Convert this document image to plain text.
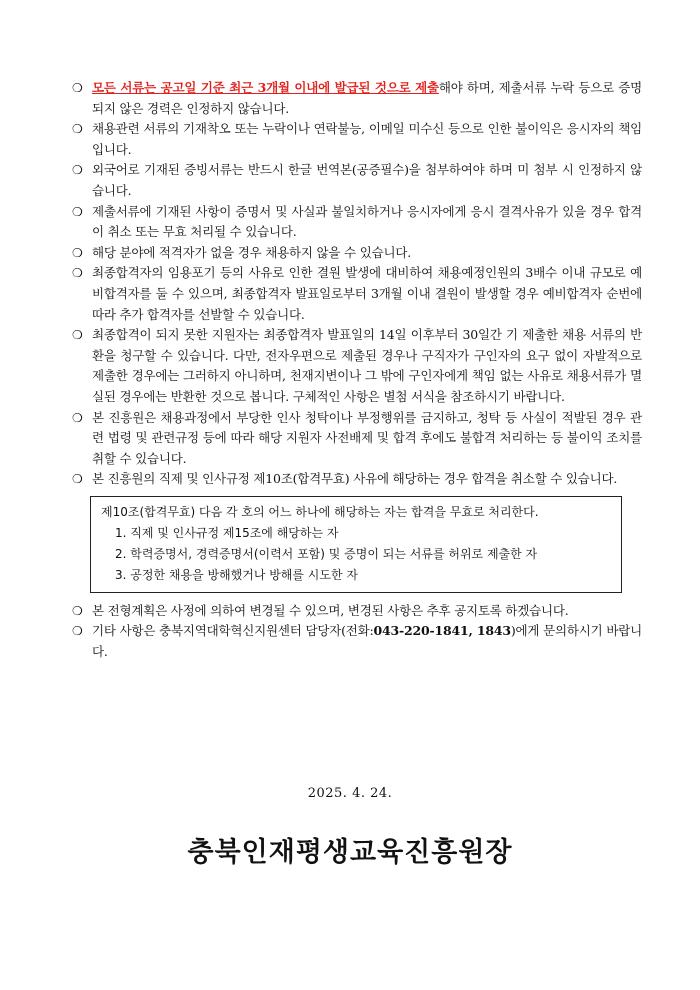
❍ 모든 서류는 공고일 기준 최근 3개월 이내에 발급된 것으로 제출해야 하며, 제출서류 누락 등으로 증명되지 않은 경력은 인정하지 않습니다.
❍ 채용관련 서류의 기재착오 또는 누락이나 연락불능, 이메일 미수신 등으로 인한 불이익은 응시자의 책임입니다.
❍ 외국어로 기재된 증빙서류는 반드시 한글 번역본(공증필수)을 첨부하여야 하며 미 첨부 시 인정하지 않습니다.
❍ 제출서류에 기재된 사항이 증명서 및 사실과 불일치하거나 응시자에게 응시 결격사유가 있을 경우 합격이 취소 또는 무효 처리될 수 있습니다.
❍ 해당 분야에 적격자가 없을 경우 채용하지 않을 수 있습니다.
❍ 최종합격자의 임용포기 등의 사유로 인한 결원 발생에 대비하여 채용예정인원의 3배수 이내 규모로 예비합격자를 둘 수 있으며, 최종합격자 발표일로부터 3개월 이내 결원이 발생할 경우 예비합격자 순번에 따라 추가 합격자를 선발할 수 있습니다.
❍ 최종합격이 되지 못한 지원자는 최종합격자 발표일의 14일 이후부터 30일간 기 제출한 채용 서류의 반환을 청구할 수 있습니다. 다만, 전자우편으로 제출된 경우나 구직자가 구인자의 요구 없이 자발적으로 제출한 경우에는 그러하지 아니하며, 천재지변이나 그 밖에 구인자에게 책임 없는 사유로 채용서류가 멸실된 경우에는 반환한 것으로 봅니다. 구체적인 사항은 별첨 서식을 참조하시기 바랍니다.
❍ 본 진흥원은 채용과정에서 부당한 인사 청탁이나 부정행위를 금지하고, 청탁 등 사실이 적발된 경우 관련 법령 및 관련규정 등에 따라 해당 지원자 사전배제 및 합격 후에도 불합격 처리하는 등 불이익 조치를 취할 수 있습니다.
❍ 본 진흥원의 직제 및 인사규정 제10조(합격무효) 사유에 해당하는 경우 합격을 취소할 수 있습니다.
제10조(합격무효) 다음 각 호의 어느 하나에 해당하는 자는 합격을 무효로 처리한다.
1. 직제 및 인사규정 제15조에 해당하는 자
2. 학력증명서, 경력증명서(이력서 포함) 및 증명이 되는 서류를 허위로 제출한 자
3. 공정한 채용을 방해했거나 방해를 시도한 자
❍ 본 전형계획은 사정에 의하여 변경될 수 있으며, 변경된 사항은 추후 공지토록 하겠습니다.
❍ 기타 사항은 충북지역대학혁신지원센터 담당자(전화:043-220-1841, 1843)에게 문의하시기 바랍니다.
2025. 4. 24.
충북인재평생교육진흥원장
